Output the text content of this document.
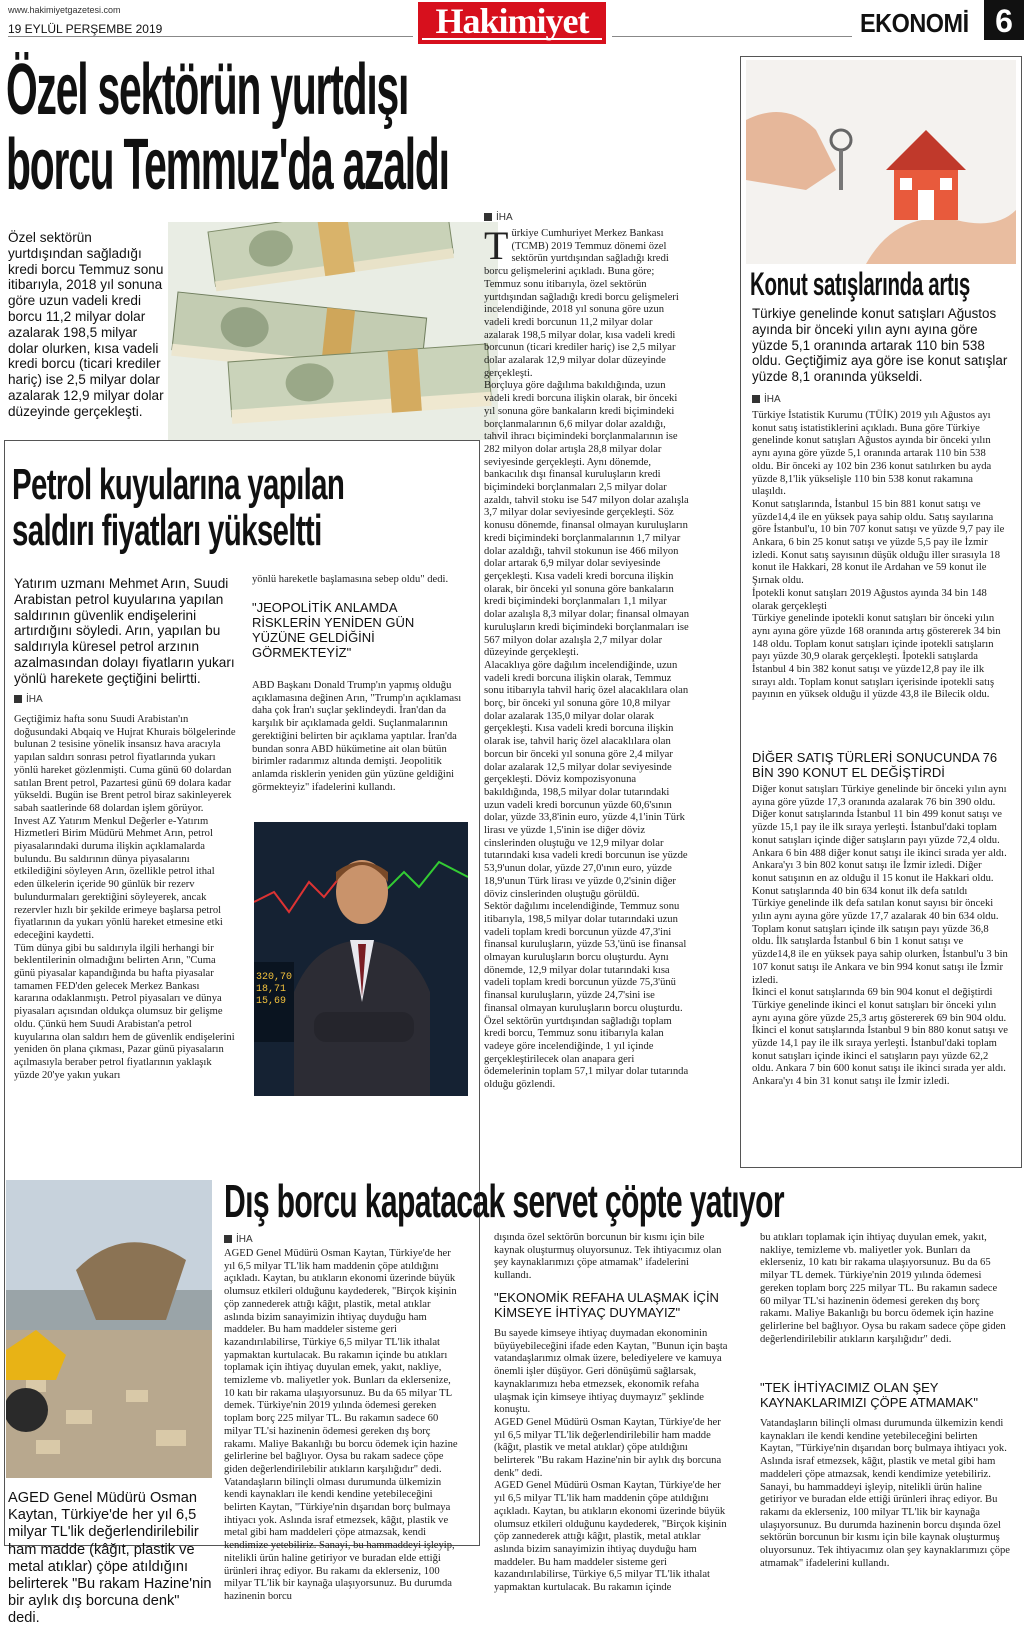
www.hakimiyetgazetesi.com
19 EYLÜL PERŞEMBE 2019	Hakimiyet	EKONOMİ 6
Özel sektörün yurtdışı
borcu Temmuz'da azaldı
Özel sektörün yurtdışından sağladığı kredi borcu Temmuz sonu itibarıyla, 2018 yıl sonuna göre uzun vadeli kredi borcu 11,2 milyar dolar azalarak 198,5 milyar dolar olurken, kısa vadeli kredi borcu (ticari krediler hariç) ise 2,5 milyar dolar azalarak 12,9 milyar dolar düzeyinde gerçekleşti.
İHA

Türkiye Cumhuriyet Merkez Bankası (TCMB) 2019 Temmuz dönemi özel sektörün yurtdışından sağladığı kredi borcu gelişmelerini açıkladı. Buna göre; Temmuz sonu itibarıyla, özel sektörün yurtdışından sağladığı kredi borcu gelişmeleri incelendiğinde, 2018 yıl sonuna göre uzun vadeli kredi borcunun 11,2 milyar dolar azalarak 198,5 milyar dolar, kısa vadeli kredi borcunun (ticari krediler hariç) ise 2,5 milyar dolar azalarak 12,9 milyar dolar düzeyinde gerçekleşti.

Borçluya göre dağılıma bakıldığında, uzun vadeli kredi borcuna ilişkin olarak, bir önceki yıl sonuna göre bankaların kredi biçimindeki borçlanmalarının 6,6 milyar dolar azaldığı, tahvil ihracı biçimindeki borçlanmalarının ise 282 milyon dolar artışla 28,8 milyar dolar seviyesinde gerçekleşti. Aynı dönemde, bankacılık dışı finansal kuruluşların kredi biçimindeki borçlanmaları 2,5 milyar dolar azaldı, tahvil stoku ise 547 milyon dolar azalışla 3,7 milyar dolar seviyesinde gerçekleşti. Söz konusu dönemde, finansal olmayan kuruluşların kredi biçimindeki borçlanmalarının 1,7 milyar dolar azaldığı, tahvil stokunun ise 466 milyon dolar artarak 6,9 milyar dolar seviyesinde gerçekleşti. Kısa vadeli kredi borcuna ilişkin olarak, bir önceki yıl sonuna göre bankaların kredi biçimindeki borçlanmaları 1,1 milyar dolar azalışla 8,3 milyar dolar; finansal olmayan kuruluşların kredi biçimindeki borçlanmaları ise 567 milyon dolar azalışla 2,7 milyar dolar düzeyinde gerçekleşti.

Alacaklıya göre dağılım incelendiğinde, uzun vadeli kredi borcuna ilişkin olarak, Temmuz sonu itibarıyla tahvil hariç özel alacaklılara olan borç, bir önceki yıl sonuna göre 10,8 milyar dolar azalarak 135,0 milyar dolar olarak gerçekleşti. Kısa vadeli kredi borcuna ilişkin olarak ise, tahvil hariç özel alacaklılara olan borcun bir önceki yıl sonuna göre 2,4 milyar dolar azalarak 12,5 milyar dolar seviyesinde gerçekleşti. Döviz kompozisyonuna bakıldığında, 198,5 milyar dolar tutarındaki uzun vadeli kredi borcunun yüzde 60,6'sının dolar, yüzde 33,8'inin euro, yüzde 4,1'inin Türk lirası ve yüzde 1,5'inin ise diğer döviz cinslerinden oluştuğu ve 12,9 milyar dolar tutarındaki kısa vadeli kredi borcunun ise yüzde 53,9'unun dolar, yüzde 27,0'ının euro, yüzde 18,9'unun Türk lirası ve yüzde 0,2'sinin diğer döviz cinslerinden oluştuğu görüldü.

Sektör dağılımı incelendiğinde, Temmuz sonu itibarıyla, 198,5 milyar dolar tutarındaki uzun vadeli toplam kredi borcunun yüzde 47,3'ini finansal kuruluşların, yüzde 53,'ünü ise finansal olmayan kuruluşların borcu oluşturdu. Aynı dönemde, 12,9 milyar dolar tutarındaki kısa vadeli toplam kredi borcunun yüzde 75,3'ünü finansal kuruluşların, yüzde 24,7'sini ise finansal olmayan kuruluşların borcu oluşturdu. Özel sektörün yurtdışından sağladığı toplam kredi borcu, Temmuz sonu itibarıyla kalan vadeye göre incelendiğinde, 1 yıl içinde gerçekleştirilecek olan anapara geri ödemelerinin toplam 57,1 milyar dolar tutarında olduğu gözlendi.

Petrol kuyularına yapılan
saldırı fiyatları yükseltti
Yatırım uzmanı Mehmet Arın, Suudi Arabistan petrol kuyularına yapılan saldırının güvenlik endişelerini artırdığını söyledi. Arın, yapılan bu saldırıyla küresel petrol arzının azalmasından dolayı fiyatların yukarı yönlü harekete geçtiğini belirtti.
İHA

Geçtiğimiz hafta sonu Suudi Arabistan'ın doğusundaki Abqaiq ve Hujrat Khurais bölgelerinde bulunan 2 tesisine yönelik insansız hava aracıyla yapılan saldırı sonrası petrol fiyatlarında yukarı yönlü hareket gözlenmişti. Cuma günü 60 dolardan satılan Brent petrol, Pazartesi günü 69 dolara kadar yükseldi. Bugün ise Brent petrol biraz sakinleyerek sabah saatlerinde 68 dolardan işlem görüyor.

Invest AZ Yatırım Menkul Değerler e-Yatırım Hizmetleri Birim Müdürü Mehmet Arın, petrol piyasalarındaki duruma ilişkin açıklamalarda bulundu. Bu saldırının dünya piyasalarını etkilediğini söyleyen Arın, özellikle petrol ithal eden ülkelerin içeride 90 günlük bir rezerv bulundurmaları gerektiğini söyleyerek, ancak rezervler hızlı bir şekilde erimeye başlarsa petrol fiyatlarının da yukarı yönlü hareket etmesine etki edeceğini kaydetti.

Tüm dünya gibi bu saldırıyla ilgili herhangi bir beklentilerinin olmadığını belirten Arın, "Cuma günü piyasalar kapandığında bu hafta piyasalar tamamen FED'den gelecek Merkez Bankası kararına odaklanmıştı. Petrol piyasaları ve dünya piyasaları açısından oldukça olumsuz bir gelişme oldu. Çünkü hem Suudi Arabistan'a petrol kuyularına olan saldırı hem de güvenlik endişelerini yeniden ön plana çıkması, Pazar günü piyasaların açılmasıyla beraber petrol fiyatlarının yaklaşık yüzde 20'ye yakın yukarı

yönlü hareketle başlamasına sebep oldu" dedi.
"JEOPOLİTİK ANLAMDA RİSKLERİN YENİDEN GÜN YÜZÜNE GELDİĞİNİ GÖRMEKTEYİZ"
ABD Başkanı Donald Trump'ın yapmış olduğu açıklamasına değinen Arın, "Trump'ın açıklaması daha çok İran'ı suçlar şeklindeydi. İran'dan da karşılık bir açıklamada geldi. Suçlanmalarının gerektiğini belirten bir açıklama yaptılar. İran'da bundan sonra ABD hükümetine ait olan bütün birimler radarımız altında demişti. Jeopolitik anlamda risklerin yeniden gün yüzüne geldiğini görmekteyiz" ifadelerini kullandı.
320,70
18,71
15,69
Konut satışlarında artış
Türkiye genelinde konut satışları Ağustos ayında bir önceki yılın aynı ayına göre yüzde 5,1 oranında artarak 110 bin 538 oldu. Geçtiğimiz aya göre ise konut satışlar yüzde 8,1 oranında yükseldi.
İHA

Türkiye İstatistik Kurumu (TÜİK) 2019 yılı Ağustos ayı konut satış istatistiklerini açıkladı. Buna göre Türkiye genelinde konut satışları Ağustos ayında bir önceki yılın aynı ayına göre yüzde 5,1 oranında artarak 110 bin 538 oldu. Bir önceki ay 102 bin 236 konut satılırken bu ayda yüzde 8,1'lik yükselişle 110 bin 538 konut rakamına ulaşıldı.

Konut satışlarında, İstanbul 15 bin 881 konut satışı ve yüzde14,4 ile en yüksek paya sahip oldu. Satış sayılarına göre İstanbul'u, 10 bin 707 konut satışı ve yüzde 9,7 pay ile Ankara, 6 bin 25 konut satışı ve yüzde 5,5 pay ile İzmir izledi. Konut satış sayısının düşük olduğu iller sırasıyla 18 konut ile Hakkari, 28 konut ile Ardahan ve 59 konut ile Şırnak oldu.

İpotekli konut satışları 2019 Ağustos ayında 34 bin 148 olarak gerçekleşti

Türkiye genelinde ipotekli konut satışları bir önceki yılın aynı ayına göre yüzde 168 oranında artış göstererek 34 bin 148 oldu. Toplam konut satışları içinde ipotekli satışların payı yüzde 30,9 olarak gerçekleşti. İpotekli satışlarda İstanbul 4 bin 382 konut satışı ve yüzde12,8 pay ile ilk sırayı aldı. Toplam konut satışları içerisinde ipotekli satış payının en yüksek olduğu il yüzde 43,8 ile Bilecik oldu.

DİĞER SATIŞ TÜRLERİ SONUCUNDA 76 BİN 390 KONUT EL DEĞİŞTİRDİ

Diğer konut satışları Türkiye genelinde bir önceki yılın aynı ayına göre yüzde 17,3 oranında azalarak 76 bin 390 oldu. Diğer konut satışlarında İstanbul 11 bin 499 konut satışı ve yüzde 15,1 pay ile ilk sıraya yerleşti. İstanbul'daki toplam konut satışları içinde diğer satışların payı yüzde 72,4 oldu. Ankara 6 bin 488 diğer konut satışı ile ikinci sırada yer aldı. Ankara'yı 3 bin 802 konut satışı ile İzmir izledi. Diğer konut satışının en az olduğu il 15 konut ile Hakkari oldu.

Konut satışlarında 40 bin 634 konut ilk defa satıldı

Türkiye genelinde ilk defa satılan konut sayısı bir önceki yılın aynı ayına göre yüzde 17,7 azalarak 40 bin 634 oldu. Toplam konut satışları içinde ilk satışın payı yüzde 36,8 oldu. İlk satışlarda İstanbul 6 bin 1 konut satışı ve yüzde14,8 ile en yüksek paya sahip olurken, İstanbul'u 3 bin 107 konut satışı ile Ankara ve bin 994 konut satışı ile İzmir izledi.

İkinci el konut satışlarında 69 bin 904 konut el değiştirdi

Türkiye genelinde ikinci el konut satışları bir önceki yılın aynı ayına göre yüzde 25,3 artış göstererek 69 bin 904 oldu. İkinci el konut satışlarında İstanbul 9 bin 880 konut satışı ve yüzde 14,1 pay ile ilk sıraya yerleşti. İstanbul'daki toplam konut satışları içinde ikinci el satışların payı yüzde 62,2 oldu. Ankara 7 bin 600 konut satışı ile ikinci sırada yer aldı. Ankara'yı 4 bin 31 konut satışı ile İzmir izledi.

AGED Genel Müdürü Osman Kaytan, Türkiye'de her yıl 6,5 milyar TL'lik değerlendirilebilir ham madde (kâğıt, plastik ve metal atıklar) çöpe atıldığını belirterek "Bu rakam Hazine'nin bir aylık dış borcuna denk" dedi.
Dış borcu kapatacak servet çöpte yatıyor
İHA
AGED Genel Müdürü Osman Kaytan, Türkiye'de her yıl 6,5 milyar TL'lik ham maddenin çöpe atıldığını açıkladı. Kaytan, bu atıkların ekonomi üzerinde büyük olumsuz etkileri olduğunu kaydederek, "Birçok kişinin çöp zannederek attığı kâğıt, plastik, metal atıklar aslında bizim sanayimizin ihtiyaç duyduğu ham maddeler. Bu ham maddeler sisteme geri kazandırılabilirse, Türkiye 6,5 milyar TL'lik ithalat yapmaktan kurtulacak. Bu rakamın içinde bu atıkları toplamak için ihtiyaç duyulan emek, yakıt, nakliye, temizleme vb. maliyetler yok. Bunları da eklersenize, 10 katı bir rakama ulaşıyorsunuz. Bu da 65 milyar TL demek. Türkiye'nin 2019 yılında ödemesi gereken toplam borç 225 milyar TL. Bu rakamın sadece 60 milyar TL'si hazinenin ödemesi gereken dış borç rakamı. Maliye Bakanlığı bu borcu ödemek için hazine gelirlerine bel bağlıyor. Oysa bu rakam sadece çöpe giden değerlendirilebilir atıkların karşılığıdır" dedi.
Vatandaşların bilinçli olması durumunda ülkemizin kendi kaynakları ile kendi kendine yetebileceğini belirten Kaytan, "Türkiye'nin dışarıdan borç bulmaya ihtiyacı yok. Aslında israf etmezsek, kâğıt, plastik ve metal gibi ham maddeleri çöpe atmazsak, kendi kendimize yetebiliriz. Sanayi, bu hammaddeyi işleyip, nitelikli ürün haline getiriyor ve buradan elde ettiği ürünleri ihraç ediyor. Bu rakamı da eklerseniz, 100 milyar TL'lik bir kaynağa ulaşıyorsunuz. Bu durumda hazinenin borcu
dışında özel sektörün borcunun bir kısmı için bile kaynak oluşturmuş oluyorsunuz. Tek ihtiyacımız olan şey kaynaklarımızı çöpe atmamak" ifadelerini kullandı.
"EKONOMİK REFAHA ULAŞMAK İÇİN KİMSEYE İHTİYAÇ DUYMAYIZ"
Bu sayede kimseye ihtiyaç duymadan ekonominin büyüyebileceğini ifade eden Kaytan, "Bunun için başta vatandaşlarımız olmak üzere, belediyelere ve kamuya önemli işler düşüyor. Geri dönüşümü sağlarsak, kaynaklarımızı heba etmezsek, ekonomik refaha ulaşmak için kimseye ihtiyaç duymayız" şeklinde konuştu.
AGED Genel Müdürü Osman Kaytan, Türkiye'de her yıl 6,5 milyar TL'lik değerlendirilebilir ham madde (kâğıt, plastik ve metal atıklar) çöpe atıldığını belirterek "Bu rakam Hazine'nin bir aylık dış borcuna denk" dedi.
AGED Genel Müdürü Osman Kaytan, Türkiye'de her yıl 6,5 milyar TL'lik ham maddenin çöpe atıldığını açıkladı. Kaytan, bu atıkların ekonomi üzerinde büyük olumsuz etkileri olduğunu kaydederek, "Birçok kişinin çöp zannederek attığı kâğıt, plastik, metal atıklar aslında bizim sanayimizin ihtiyaç duyduğu ham maddeler. Bu ham maddeler sisteme geri kazandırılabilirse, Türkiye 6,5 milyar TL'lik ithalat yapmaktan kurtulacak. Bu rakamın içinde
bu atıkları toplamak için ihtiyaç duyulan emek, yakıt, nakliye, temizleme vb. maliyetler yok. Bunları da eklerseniz, 10 katı bir rakama ulaşıyorsunuz. Bu da 65 milyar TL demek. Türkiye'nin 2019 yılında ödemesi gereken toplam borç 225 milyar TL. Bu rakamın sadece 60 milyar TL'si hazinenin ödemesi gereken dış borç rakamı. Maliye Bakanlığı bu borcu ödemek için hazine gelirlerine bel bağlıyor. Oysa bu rakam sadece çöpe giden değerlendirilebilir atıkların karşılığıdır" dedi.
"TEK İHTİYACIMIZ OLAN ŞEY KAYNAKLARIMIZI ÇÖPE ATMAMAK"
Vatandaşların bilinçli olması durumunda ülkemizin kendi kaynakları ile kendi kendine yetebileceğini belirten Kaytan, "Türkiye'nin dışarıdan borç bulmaya ihtiyacı yok. Aslında israf etmezsek, kâğıt, plastik ve metal gibi ham maddeleri çöpe atmazsak, kendi kendimize yetebiliriz. Sanayi, bu hammaddeyi işleyip, nitelikli ürün haline getiriyor ve buradan elde ettiği ürünleri ihraç ediyor. Bu rakamı da eklerseniz, 100 milyar TL'lik bir kaynağa ulaşıyorsunuz. Bu durumda hazinenin borcu dışında özel sektörün borcunun bir kısmı için bile kaynak oluşturmuş oluyorsunuz. Tek ihtiyacımız olan şey kaynaklarımızı çöpe atmamak" ifadelerini kullandı.
